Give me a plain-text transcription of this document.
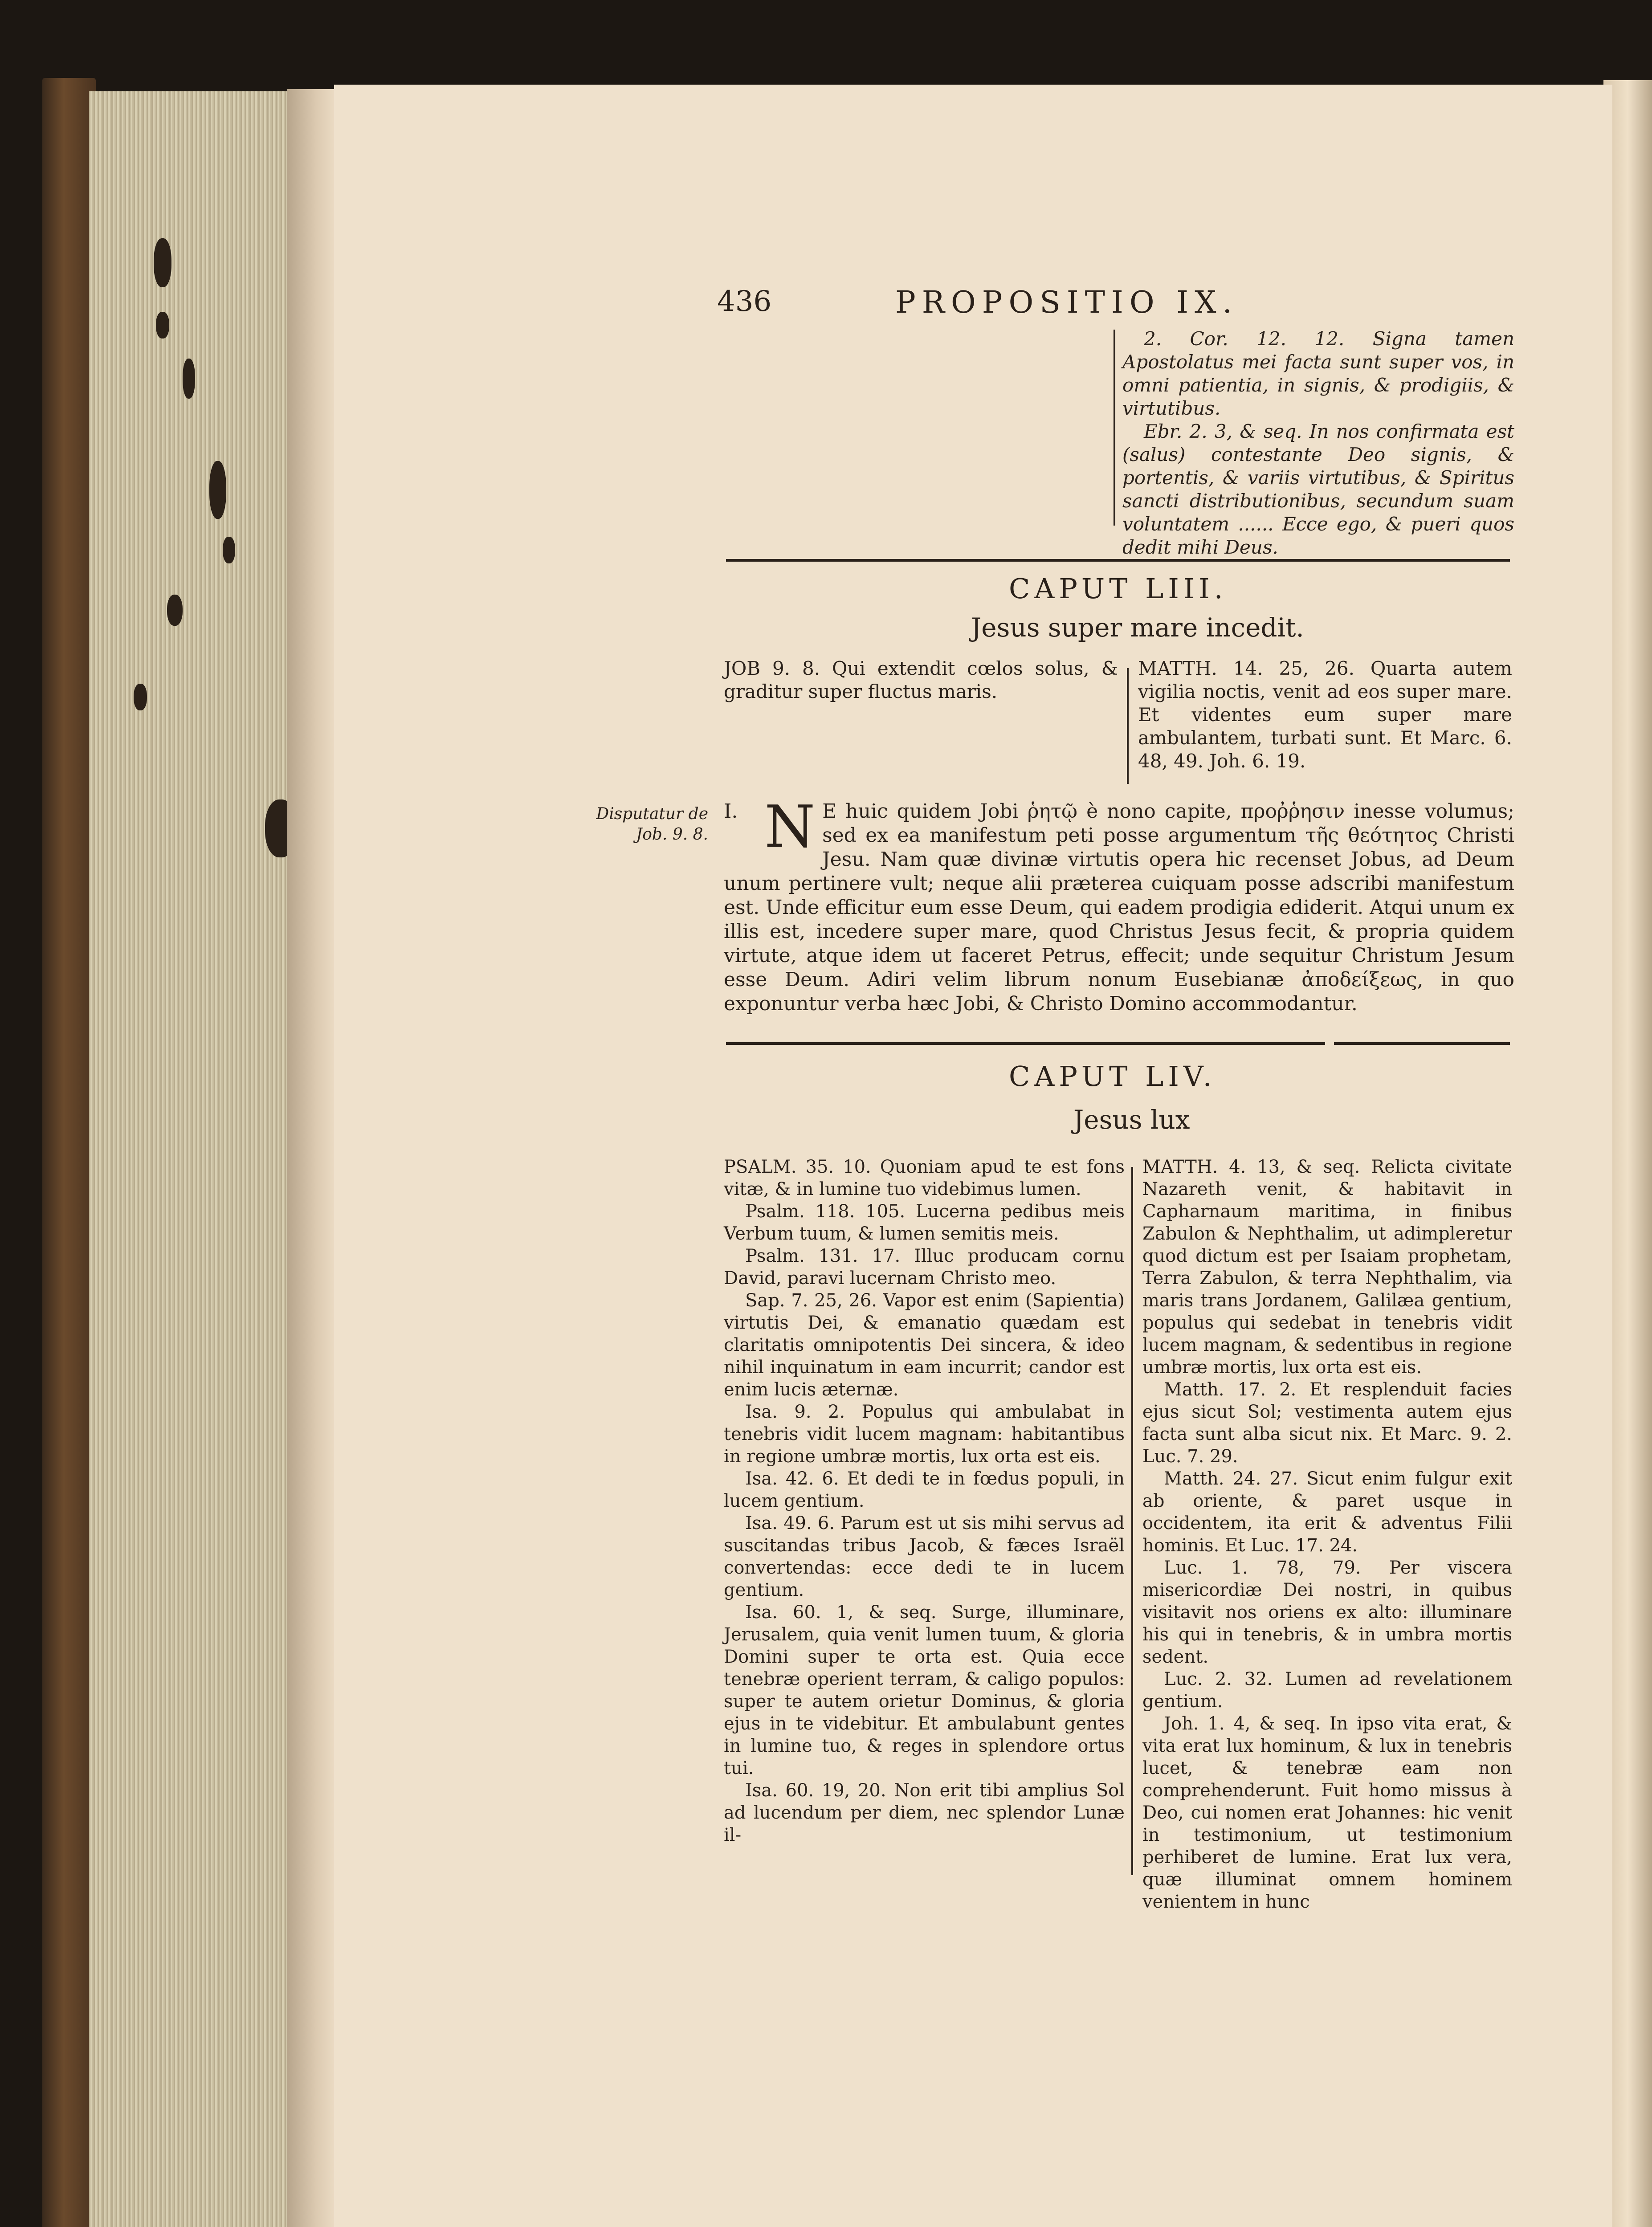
436	PROPOSITIO IX.

2. Cor. 12. 12. Signa tamen Apostolatus mei facta sunt super vos, in omni patientia, in signis, & prodigiis, & virtutibus.

Ebr. 2. 3, & seq. In nos confirmata est (salus) contestante Deo signis, & portentis, & variis virtutibus, & Spiritus sancti distributionibus, secundum suam voluntatem ...... Ecce ego, & pueri quos dedit mihi Deus.

CAPUT LIII.
Jesus super mare incedit.

JOB 9. 8. Qui extendit cœlos solus, & graditur super fluctus maris.

MATTH. 14. 25, 26. Quarta autem vigilia noctis, venit ad eos super mare. Et videntes eum super mare ambulantem, turbati sunt. Et Marc. 6. 48, 49. Joh. 6. 19.

Disputatur de Job. 9. 8.
I. N E huic quidem Jobi ῥητῷ è nono capite, προῤῥησιν inesse volumus; sed ex ea manifestum peti posse argumentum τῆς θεότητος Christi Jesu. Nam quæ divinæ virtutis opera hic recenset Jobus, ad Deum unum pertinere vult; neque alii præterea cuiquam posse adscribi manifestum est. Unde efficitur eum esse Deum, qui eadem prodigia ediderit. Atqui unum ex illis est, incedere super mare, quod Christus Jesus fecit, & propria quidem virtute, atque idem ut faceret Petrus, effecit; unde sequitur Christum Jesum esse Deum. Adiri velim librum nonum Eusebianæ ἀποδείξεως, in quo exponuntur verba hæc Jobi, & Christo Domino accommodantur.
CAPUT LIV.
Jesus lux

PSALM. 35. 10. Quoniam apud te est fons vitæ, & in lumine tuo videbimus lumen.

Psalm. 118. 105. Lucerna pedibus meis Verbum tuum, & lumen semitis meis.

Psalm. 131. 17. Illuc producam cornu David, paravi lucernam Christo meo.

Sap. 7. 25, 26. Vapor est enim (Sapientia) virtutis Dei, & emanatio quædam est claritatis omnipotentis Dei sincera, & ideo nihil inquinatum in eam incurrit; candor est enim lucis æternæ.

Isa. 9. 2. Populus qui ambulabat in tenebris vidit lucem magnam: habitantibus in regione umbræ mortis, lux orta est eis.

Isa. 42. 6. Et dedi te in fœdus populi, in lucem gentium.

Isa. 49. 6. Parum est ut sis mihi servus ad suscitandas tribus Jacob, & fæces Israël convertendas: ecce dedi te in lucem gentium.

Isa. 60. 1, & seq. Surge, illuminare, Jerusalem, quia venit lumen tuum, & gloria Domini super te orta est. Quia ecce tenebræ operient terram, & caligo populos: super te autem orietur Dominus, & gloria ejus in te videbitur. Et ambulabunt gentes in lumine tuo, & reges in splendore ortus tui.

Isa. 60. 19, 20. Non erit tibi amplius Sol ad lucendum per diem, nec splendor Lunæ il-

MATTH. 4. 13, & seq. Relicta civitate Nazareth venit, & habitavit in Capharnaum maritima, in finibus Zabulon & Nephthalim, ut adimpleretur quod dictum est per Isaiam prophetam, Terra Zabulon, & terra Nephthalim, via maris trans Jordanem, Galilæa gentium, populus qui sedebat in tenebris vidit lucem magnam, & sedentibus in regione umbræ mortis, lux orta est eis.

Matth. 17. 2. Et resplenduit facies ejus sicut Sol; vestimenta autem ejus facta sunt alba sicut nix. Et Marc. 9. 2. Luc. 7. 29.

Matth. 24. 27. Sicut enim fulgur exit ab oriente, & paret usque in occidentem, ita erit & adventus Filii hominis. Et Luc. 17. 24.

Luc. 1. 78, 79. Per viscera misericordiæ Dei nostri, in quibus visitavit nos oriens ex alto: illuminare his qui in tenebris, & in umbra mortis sedent.

Luc. 2. 32. Lumen ad revelationem gentium.

Joh. 1. 4, & seq. In ipso vita erat, & vita erat lux hominum, & lux in tenebris lucet, & tenebræ eam non comprehenderunt. Fuit homo missus à Deo, cui nomen erat Johannes: hic venit in testimonium, ut testimonium perhiberet de lumine. Erat lux vera, quæ illuminat omnem hominem venientem in hunc
